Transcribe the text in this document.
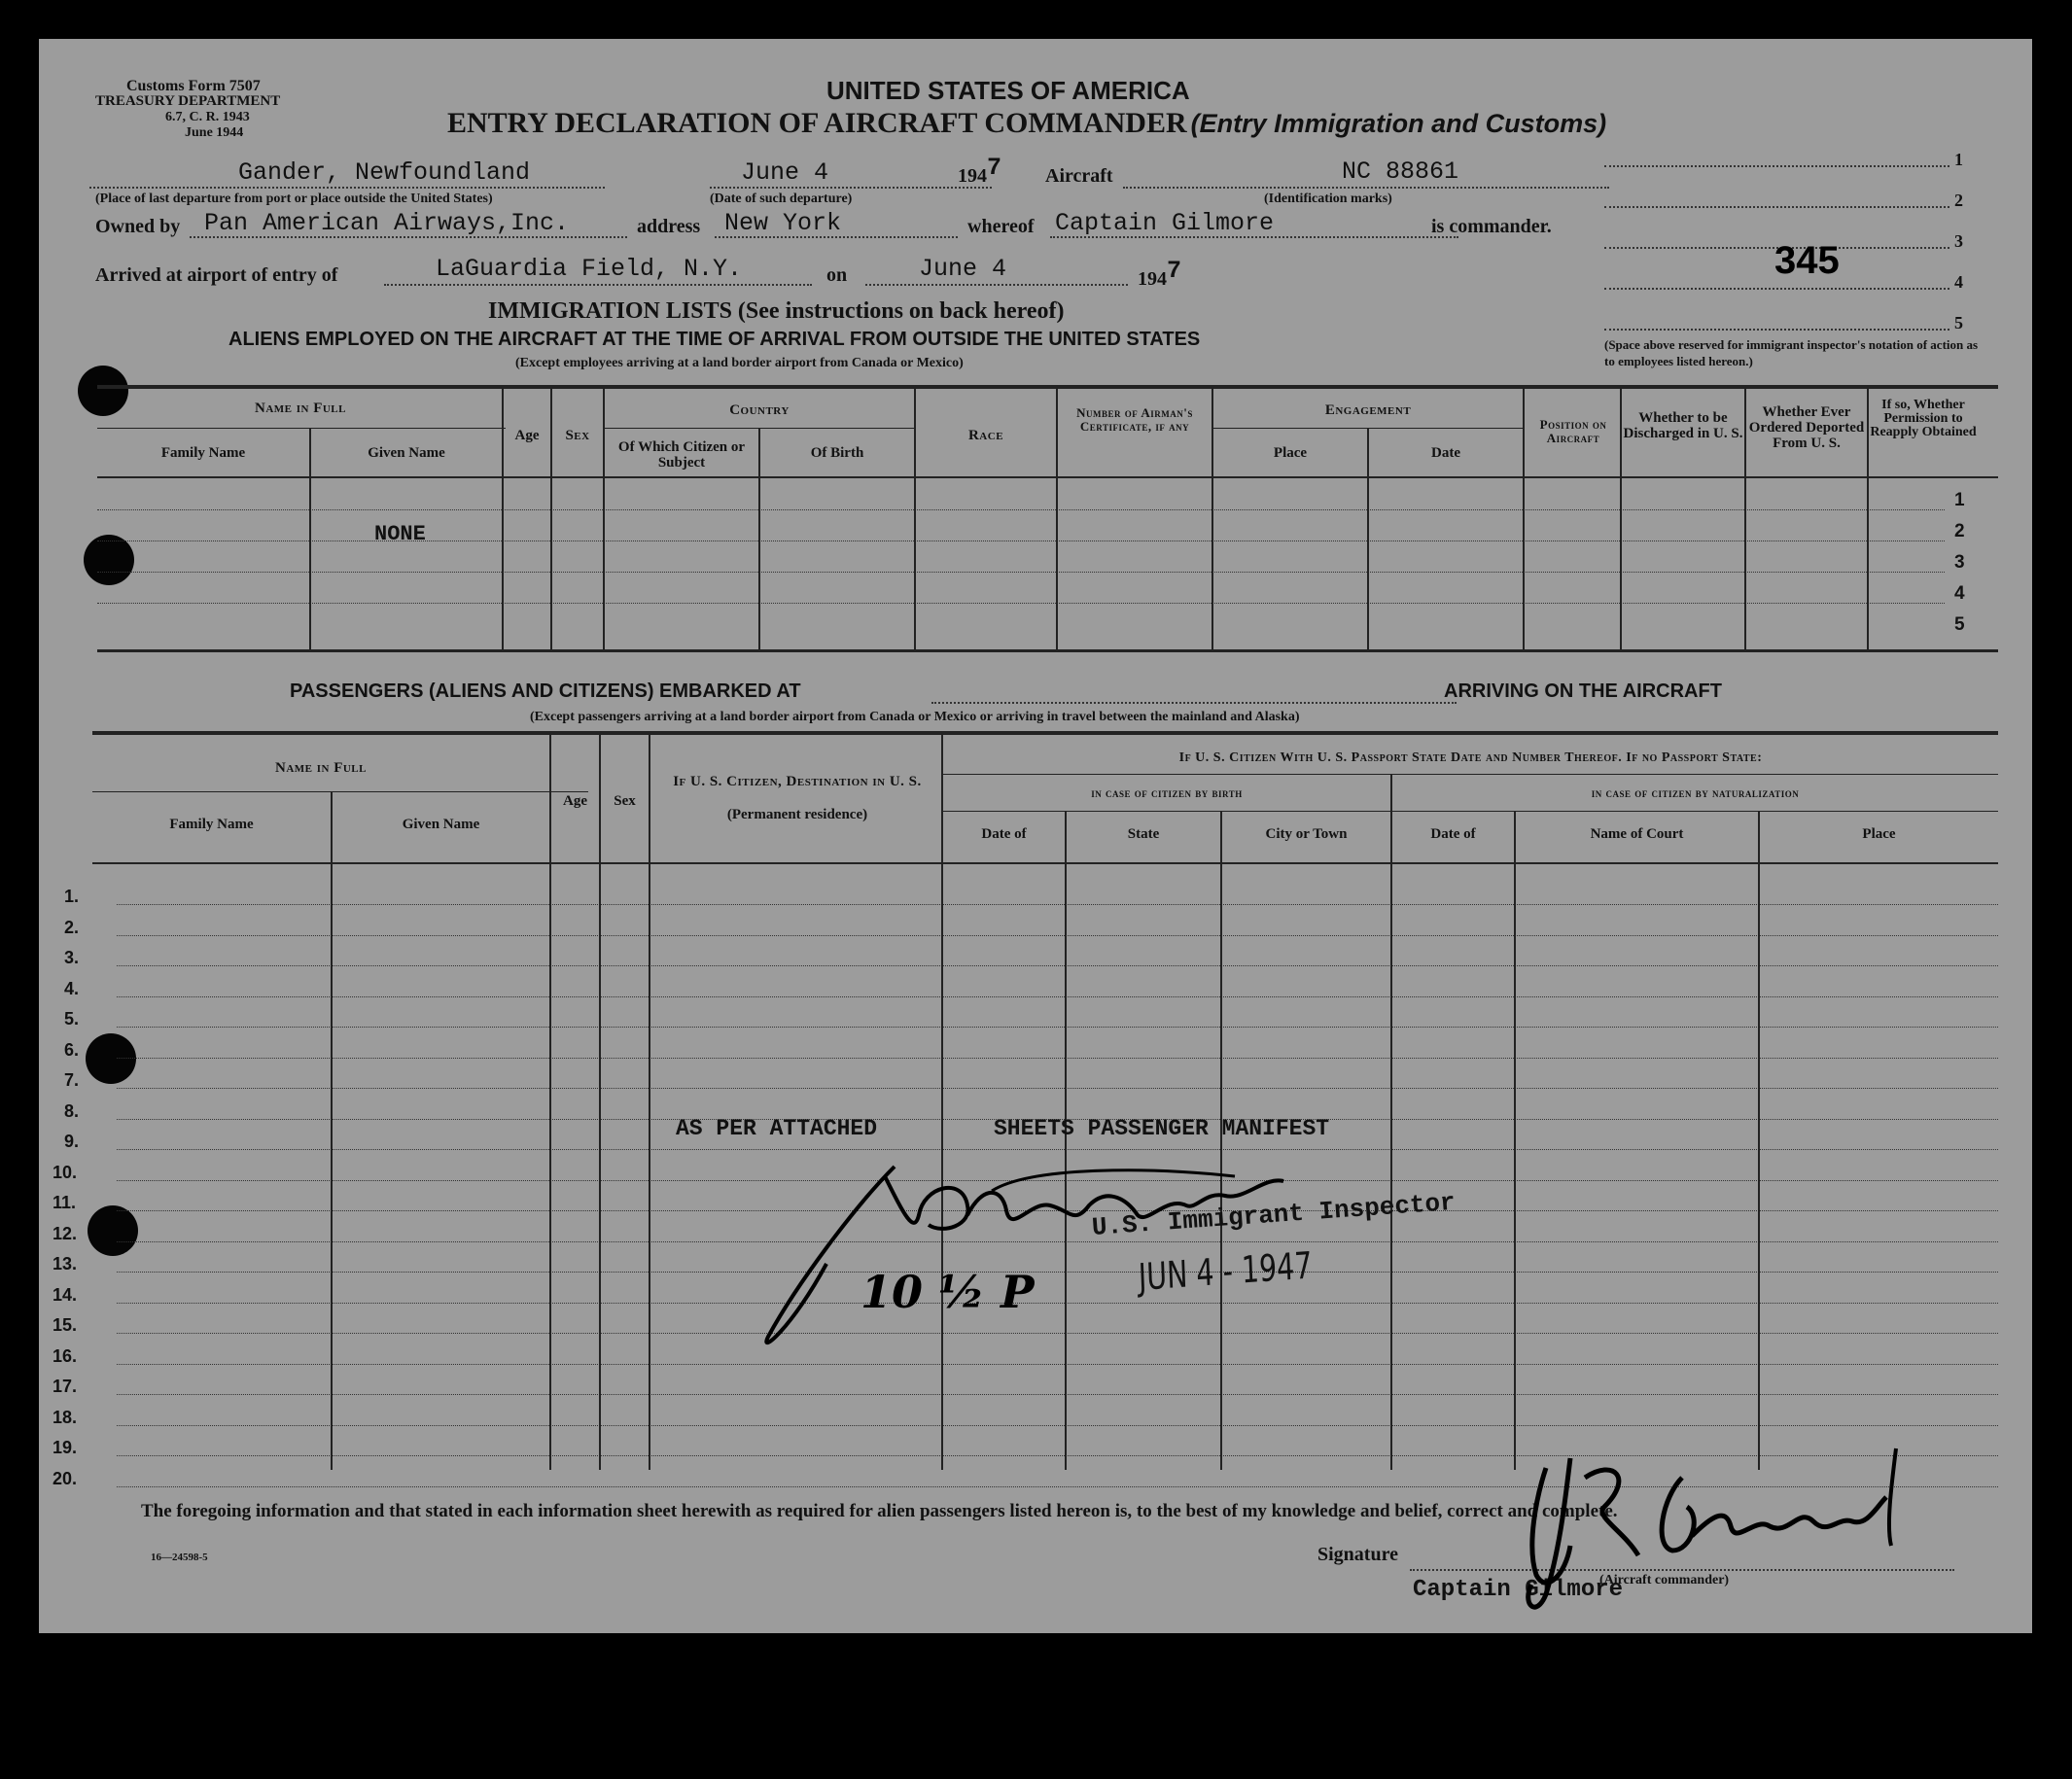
Customs Form 7507
TREASURY DEPARTMENT
6.7, C. R. 1943
June 1944
UNITED STATES OF AMERICA
ENTRY DECLARATION OF AIRCRAFT COMMANDER (Entry Immigration and Customs)
Gander, Newfoundland
(Place of last departure from port or place outside the United States)
June 4
(Date of such departure)
1947 Aircraft	NC 88861
(Identification marks)
Owned by Pan American Airways,Inc.	address New York	whereof Captain Gilmore	is commander.
Arrived at airport of entry of	LaGuardia Field, N.Y.	on	June 4	1947
1
2
3
4
5
345
(Space above reserved for immigrant inspector's notation of action as to employees listed hereon.)
IMMIGRATION LISTS (See instructions on back hereof)
ALIENS EMPLOYED ON THE AIRCRAFT AT THE TIME OF ARRIVAL FROM OUTSIDE THE UNITED STATES
(Except employees arriving at a land border airport from Canada or Mexico)
Name in Full
Family Name	Given Name
Age	Sex
Country
Of Which Citizen or Subject
Of Birth
Race
Number of Airman's Certificate, if any
Engagement
Place	Date
Position on Aircraft
Whether to be Discharged in U. S.
Whether Ever Ordered Deported From U. S.
If so, Whether Permission to Reapply Obtained
1
2
3
4
5
NONE
PASSENGERS (ALIENS AND CITIZENS) EMBARKED AT	ARRIVING ON THE AIRCRAFT
(Except passengers arriving at a land border airport from Canada or Mexico or arriving in travel between the mainland and Alaska)
Name in Full
Family Name	Given Name
Age	Sex
If U. S. Citizen, Destination in U. S.
(Permanent residence)
If U. S. Citizen With U. S. Passport State Date and Number Thereof. If no Passport State:
in case of citizen by birth	in case of citizen by naturalization
Date of	State	City or Town	Date of	Name of Court	Place
1.
2.
3.
4.
5.
6.
7.
8.
9.
10.
11.
12.
13.
14.
15.
16.
17.
18.
19.
20.
AS PER ATTACHED	SHEETS PASSENGER MANIFEST
U.S. Immigrant Inspector
JUN 4 - 1947
10 ½ P
The foregoing information and that stated in each information sheet herewith as required for alien passengers listed hereon is, to the best of my knowledge and belief, correct and complete.
16—24598-5	Signature
(Aircraft commander)
Captain Gilmore
